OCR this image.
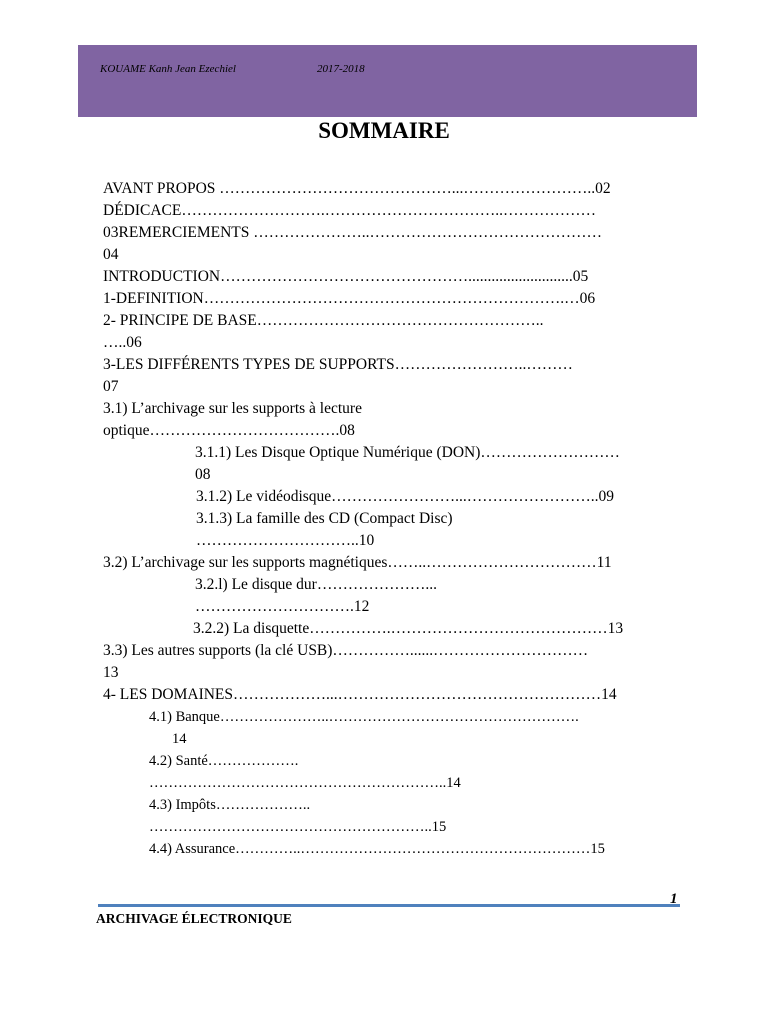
KOUAME Kanh Jean Ezechiel	2017-2018
SOMMAIRE
AVANT PROPOS ………………………………………...……………………..02
DÉDICACE……………………….……………………………..………………
03REMERCIEMENTS …………………..………………………………………
04
INTRODUCTION…………………………………………...........................05
1-DEFINITION…………………………………………………………….…06
2- PRINCIPE DE BASE………………………………………………..
…..06
3-LES DIFFÉRENTS TYPES DE SUPPORTS……………………..………
07
3.1) L’archivage sur les supports à lecture
optique……………………………….08
3.1.1) Les Disque Optique Numérique (DON)………………………
08
3.1.2) Le vidéodisque……………………...……………………..09
3.1.3) La famille des CD (Compact Disc)
…………………………..10
3.2) L’archivage sur les supports magnétiques……..……………………………11
3.2.l) Le disque dur…………………...
………………………….12
3.2.2) La disquette…………….……………………………………13
3.3) Les autres supports (la clé USB)……………......…………………………
13
4- LES DOMAINES………………...……………………………………………14
4.1) Banque…………………..…………………………………………….
14
4.2) Santé……………….
……………………………………………………..14
4.3) Impôts………………..
…………………………………………………..15
4.4) Assurance…………..……………………………………………………15
1
ARCHIVAGE ÉLECTRONIQUE
